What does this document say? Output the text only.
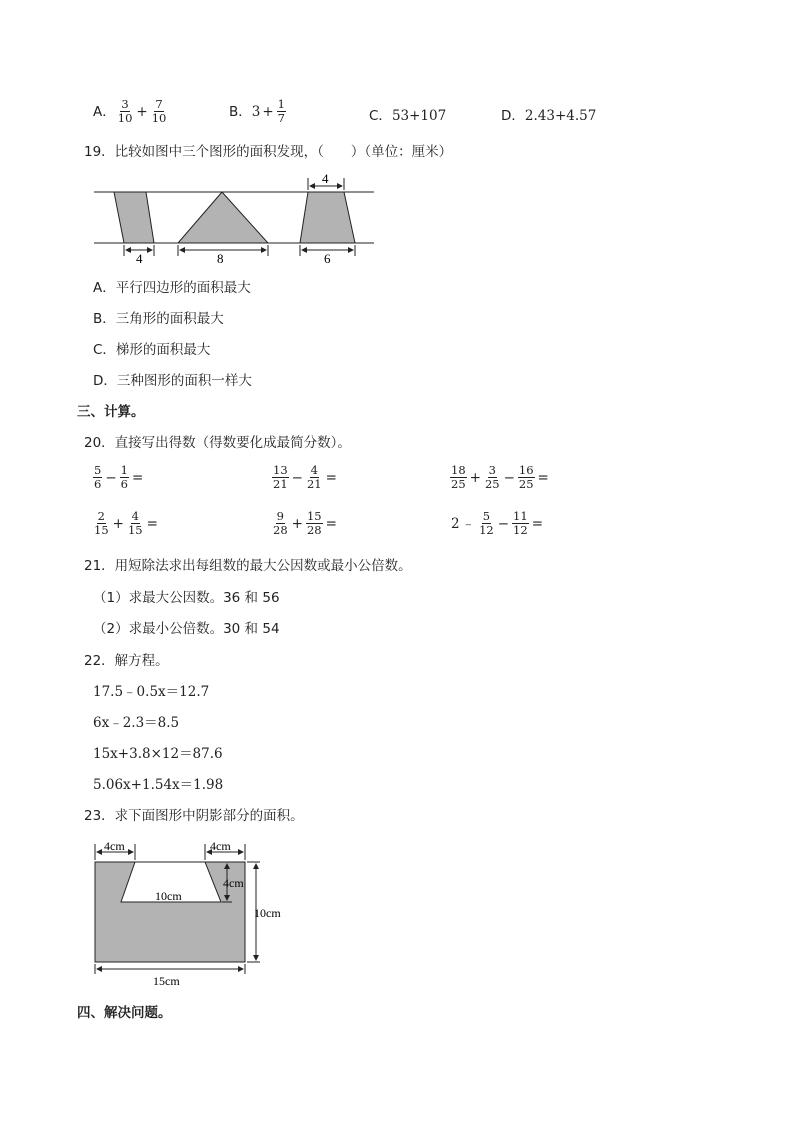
A． $\frac{3}{10} + \frac{7}{10}$	B． $3 + \frac{1}{7}$	C． 53+107	D． 2.43+4.57
19．比较如图中三个图形的面积发现，（　　）（单位：厘米）
4	8	6
4
A．平行四边形的面积最大
B．三角形的面积最大
C．梯形的面积最大
D．三种图形的面积一样大
三、计算。
20．直接写出得数（得数要化成最简分数）。
$\frac{5}{6} - \frac{1}{6}$ =	$\frac{13}{21} - \frac{4}{21}$ =	$\frac{18}{25} + \frac{3}{25} - \frac{16}{25}$ =
$\frac{2}{15} + \frac{4}{15}$ =	$\frac{9}{28} + \frac{15}{28}$ =	2 ﹣ $\frac{5}{12} - \frac{11}{12}$ =
21．用短除法求出每组数的最大公因数或最小公倍数。
（1）求最大公因数。36 和 56
（2）求最小公倍数。30 和 54
22．解方程。
17.5﹣0.5x＝12.7
6x﹣2.3＝8.5
15x+3.8×12＝87.6
5.06x+1.54x＝1.98
23．求下面图形中阴影部分的面积。
4cm	4cm
4cm
10cm
10cm
15cm
四、解决问题。
